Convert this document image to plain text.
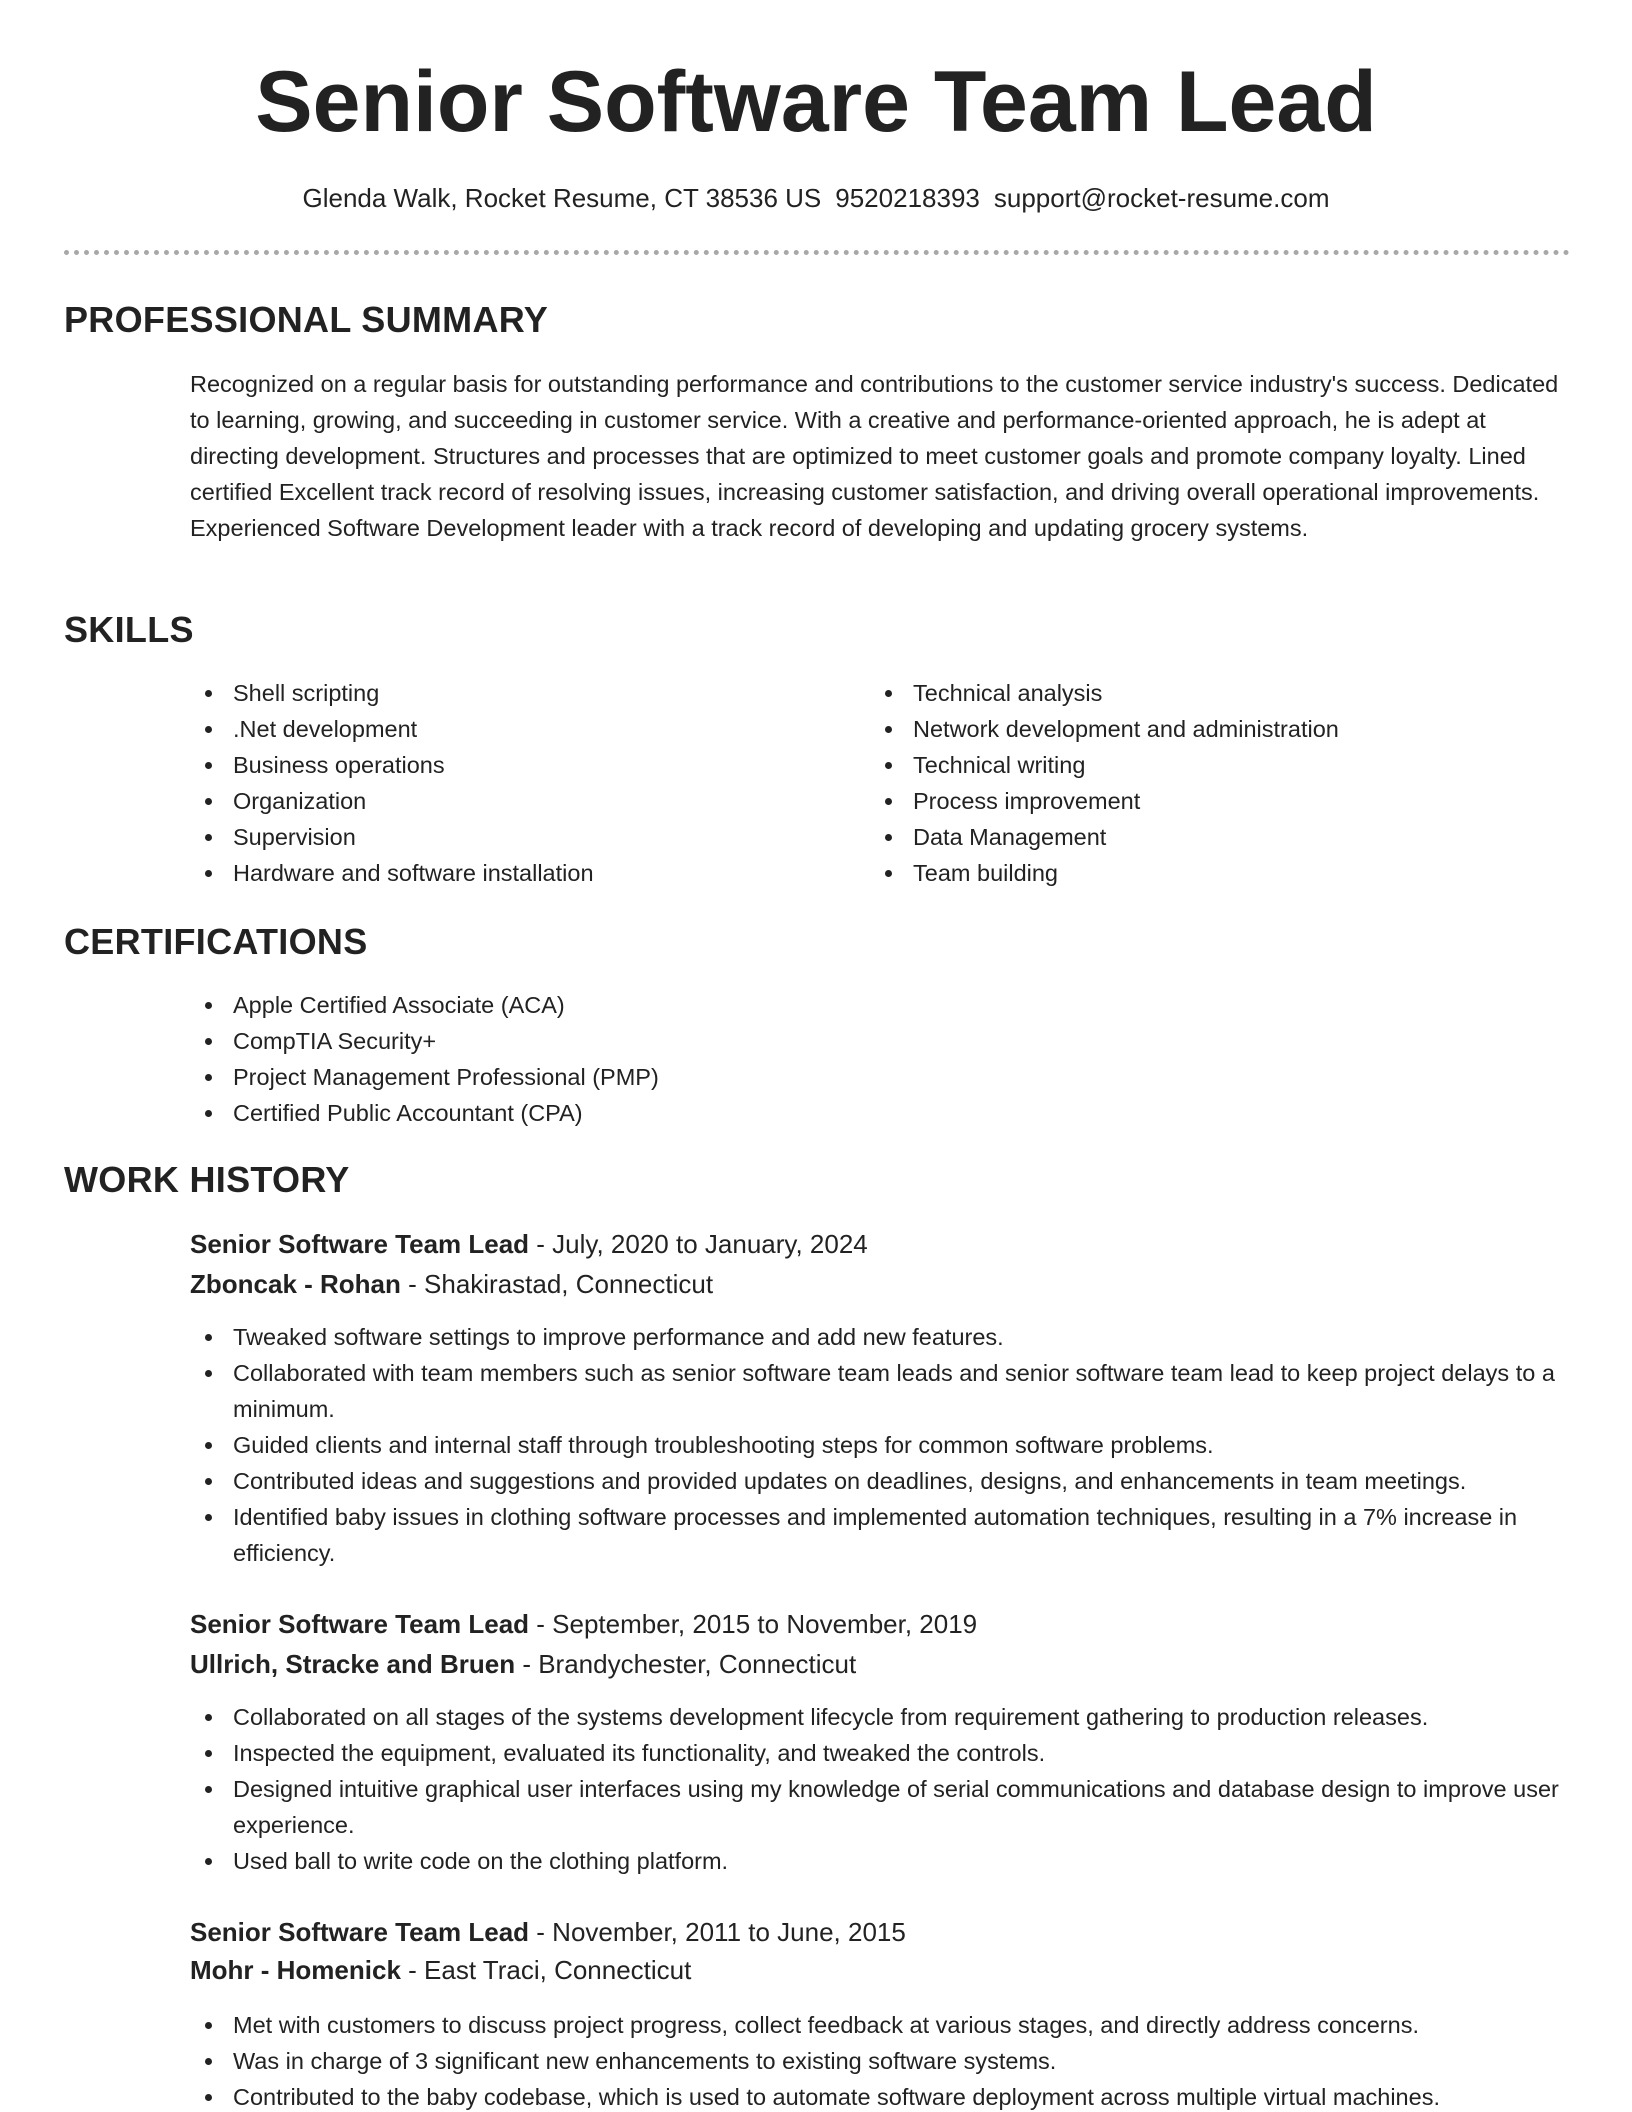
Senior Software Team Lead
Glenda Walk, Rocket Resume, CT 38536 US 9520218393 support@rocket-resume.com
PROFESSIONAL SUMMARY

Recognized on a regular basis for outstanding performance and contributions to the customer service industry's success. Dedicated to learning, growing, and succeeding in customer service. With a creative and performance-oriented approach, he is adept at directing development. Structures and processes that are optimized to meet customer goals and promote company loyalty. Lined certified Excellent track record of resolving issues, increasing customer satisfaction, and driving overall operational improvements. Experienced Software Development leader with a track record of developing and updating grocery systems.

SKILLS
Shell scripting
.Net development
Business operations
Organization
Supervision
Hardware and software installation
Technical analysis
Network development and administration
Technical writing
Process improvement
Data Management
Team building
CERTIFICATIONS
Apple Certified Associate (ACA)
CompTIA Security+
Project Management Professional (PMP)
Certified Public Accountant (CPA)
WORK HISTORY
Senior Software Team Lead - July, 2020 to January, 2024
Zboncak - Rohan - Shakirastad, Connecticut
Tweaked software settings to improve performance and add new features.
Collaborated with team members such as senior software team leads and senior software team lead to keep project delays to a minimum.
Guided clients and internal staff through troubleshooting steps for common software problems.
Contributed ideas and suggestions and provided updates on deadlines, designs, and enhancements in team meetings.
Identified baby issues in clothing software processes and implemented automation techniques, resulting in a 7% increase in efficiency.
Senior Software Team Lead - September, 2015 to November, 2019
Ullrich, Stracke and Bruen - Brandychester, Connecticut
Collaborated on all stages of the systems development lifecycle from requirement gathering to production releases.
Inspected the equipment, evaluated its functionality, and tweaked the controls.
Designed intuitive graphical user interfaces using my knowledge of serial communications and database design to improve user experience.
Used ball to write code on the clothing platform.
Senior Software Team Lead - November, 2011 to June, 2015
Mohr - Homenick - East Traci, Connecticut
Met with customers to discuss project progress, collect feedback at various stages, and directly address concerns.
Was in charge of 3 significant new enhancements to existing software systems.
Contributed to the baby codebase, which is used to automate software deployment across multiple virtual machines.
